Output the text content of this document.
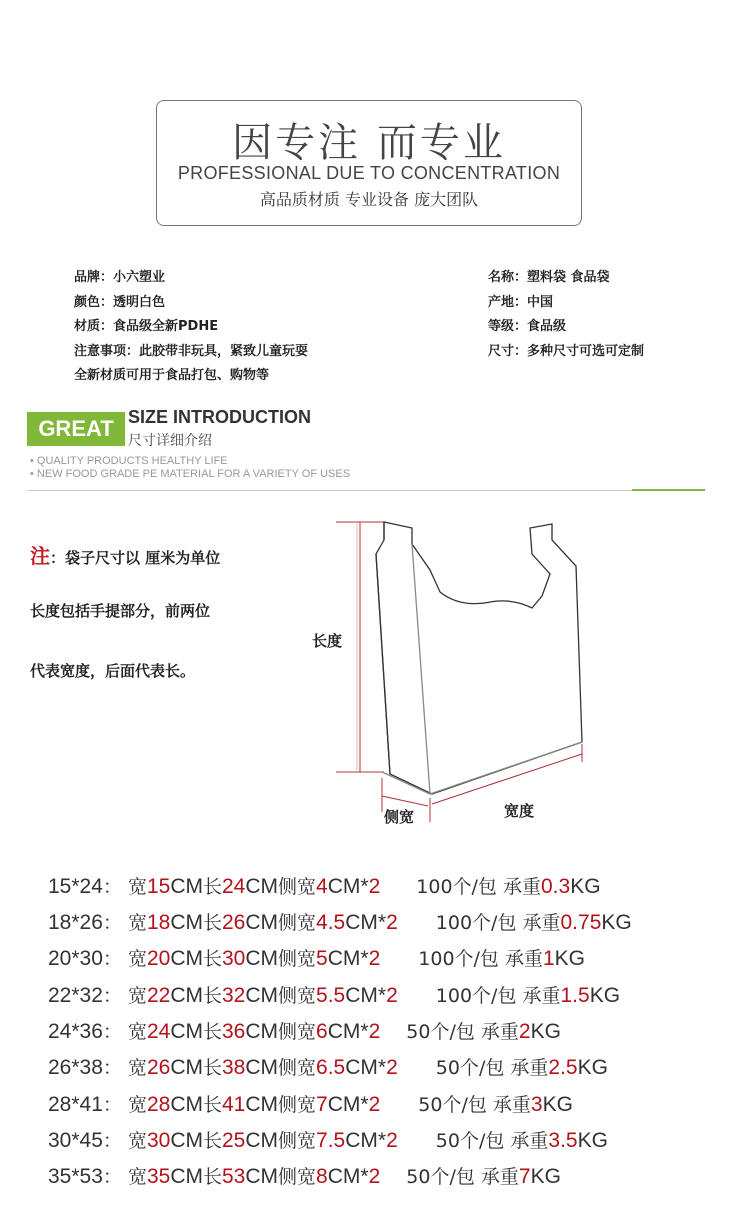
因专注 而专业
PROFESSIONAL DUE TO CONCENTRATION
高品质材质 专业设备 庞大团队
品牌：小六塑业
颜色：透明白色
材质：食品级全新PDHE
注意事项：此胶带非玩具，紧致儿童玩耍
全新材质可用于食品打包、购物等
名称：塑料袋 食品袋
产地：中国
等级：食品级
尺寸：多种尺寸可选可定制
GREAT SIZE INTRODUCTION
尺寸详细介绍
• QUALITY PRODUCTS HEALTHY LIFE
• NEW FOOD GRADE PE MATERIAL FOR A VARIETY OF USES
注：袋子尺寸以 厘米为单位
长度包括手提部分，前两位
代表宽度，后面代表长。
长度
侧宽	宽度
15*24： 宽15CM长24CM侧宽4CM*2 100个/包 承重0.3KG
18*26： 宽18CM长26CM侧宽4.5CM*2 100个/包 承重0.75KG
20*30： 宽20CM长30CM侧宽5CM*2 100个/包 承重1KG
22*32： 宽22CM长32CM侧宽5.5CM*2 100个/包 承重1.5KG
24*36： 宽24CM长36CM侧宽6CM*2 50个/包 承重2KG
26*38： 宽26CM长38CM侧宽6.5CM*2 50个/包 承重2.5KG
28*41： 宽28CM长41CM侧宽7CM*2 50个/包 承重3KG
30*45： 宽30CM长25CM侧宽7.5CM*2 50个/包 承重3.5KG
35*53： 宽35CM长53CM侧宽8CM*2 50个/包 承重7KG
